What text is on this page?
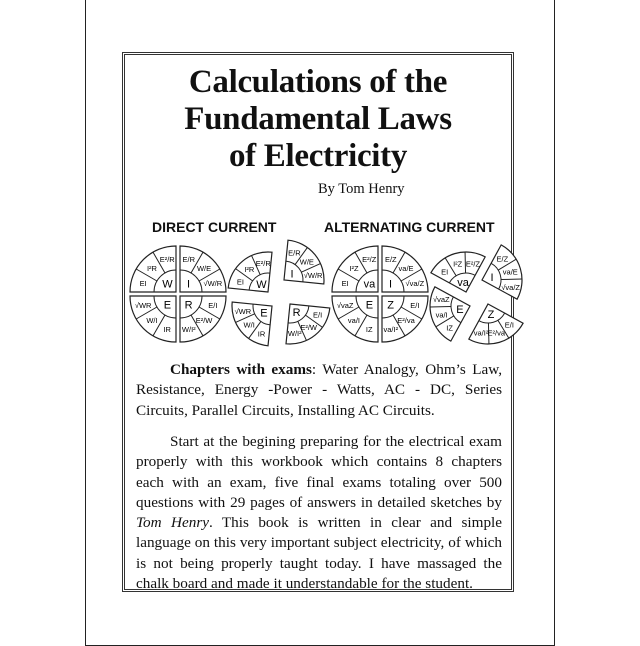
Calculations of the
Fundamental Laws
of Electricity
By Tom Henry
DIRECT CURRENT	ALTERNATING CURRENT
W
EI
I²R
E²/R
I
E/R
W/E
√W/R
R E/I
E²/W
W/I²
E
IR
W/I
√WR
W
EI
I²R
E²/R
I
E/R
W/E
√W/R
R E/I
E²/W
W/I²
E
IR
W/I
√WR
va
EI
I²Z
E²/Z
I
E/Z
va/E
√va/Z
Z E/I
E²/va
va/I²
E
IZ
va/I
√vaZ
va
EI
I²Z E²/Z
I
E/Z
va/E
√va/Z
Z
E/I
E²/va
va/I²
E
IZ
va/I
√vaZ
Chapters with exams: Water Analogy, Ohm’s Law, Resistance, Energy -Power - Watts, AC - DC, Series Circuits, Parallel Circuits, Installing AC Circuits.
Start at the begining preparing for the electrical exam properly with this workbook which contains 8 chapters each with an exam, five final exams totaling over 500 questions with 29 pages of answers in detailed sketches by Tom Henry. This book is written in clear and simple language on this very important subject electricity, of which is not being properly taught today. I have massaged the chalk board and made it understandable for the student.
